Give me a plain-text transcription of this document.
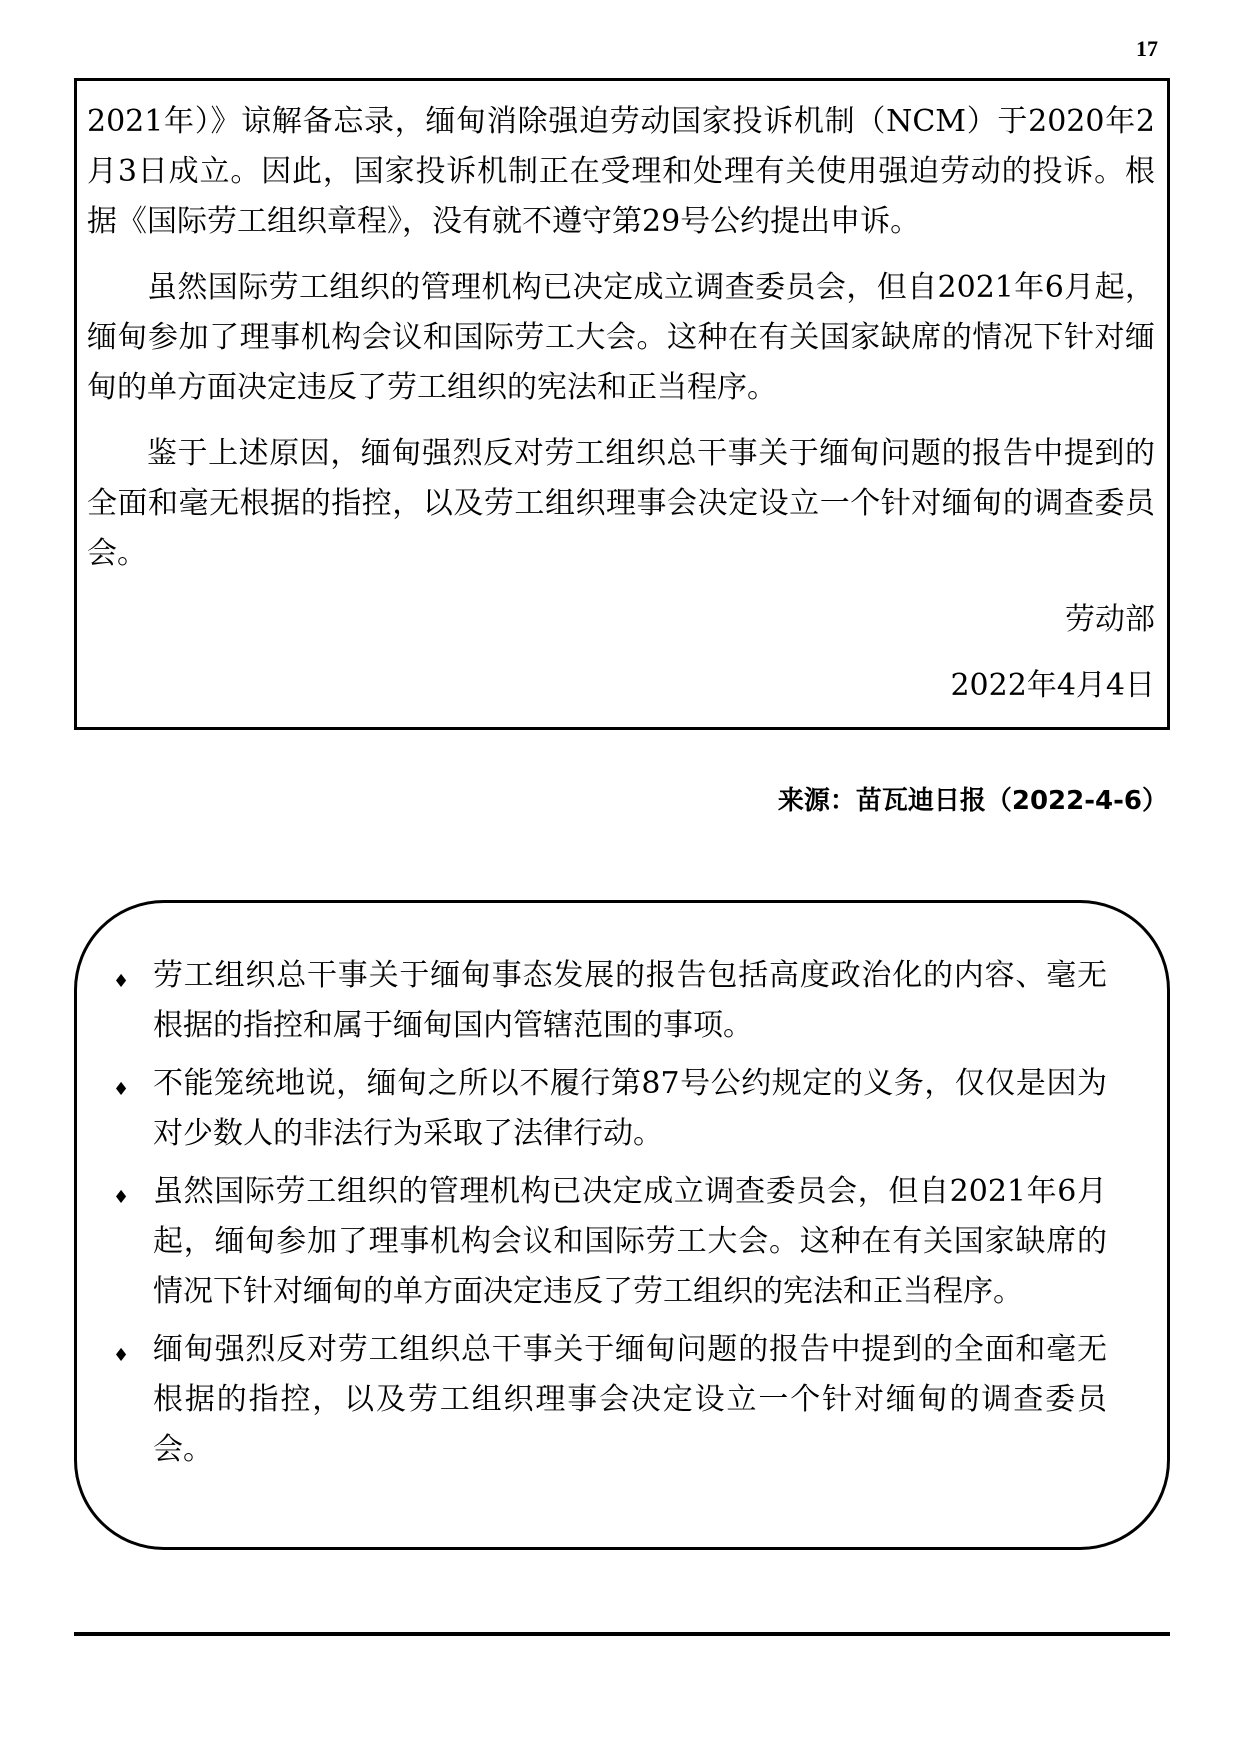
17

2021年）》谅解备忘录，缅甸消除强迫劳动国家投诉机制（NCM）于2020年2月3日成立。因此，国家投诉机制正在受理和处理有关使用强迫劳动的投诉。根据《国际劳工组织章程》，没有就不遵守第29号公约提出申诉。

虽然国际劳工组织的管理机构已决定成立调查委员会，但自2021年6月起，缅甸参加了理事机构会议和国际劳工大会。这种在有关国家缺席的情况下针对缅甸的单方面决定违反了劳工组织的宪法和正当程序。

鉴于上述原因，缅甸强烈反对劳工组织总干事关于缅甸问题的报告中提到的全面和毫无根据的指控，以及劳工组织理事会决定设立一个针对缅甸的调查委员会。

劳动部

2022年4月4日

来源：苗瓦迪日报（2022-4-6）
♦ 劳工组织总干事关于缅甸事态发展的报告包括高度政治化的内容、毫无根据的指控和属于缅甸国内管辖范围的事项。
♦ 不能笼统地说，缅甸之所以不履行第87号公约规定的义务，仅仅是因为对少数人的非法行为采取了法律行动。
♦ 虽然国际劳工组织的管理机构已决定成立调查委员会，但自2021年6月起，缅甸参加了理事机构会议和国际劳工大会。这种在有关国家缺席的情况下针对缅甸的单方面决定违反了劳工组织的宪法和正当程序。
♦ 缅甸强烈反对劳工组织总干事关于缅甸问题的报告中提到的全面和毫无根据的指控，以及劳工组织理事会决定设立一个针对缅甸的调查委员会。
